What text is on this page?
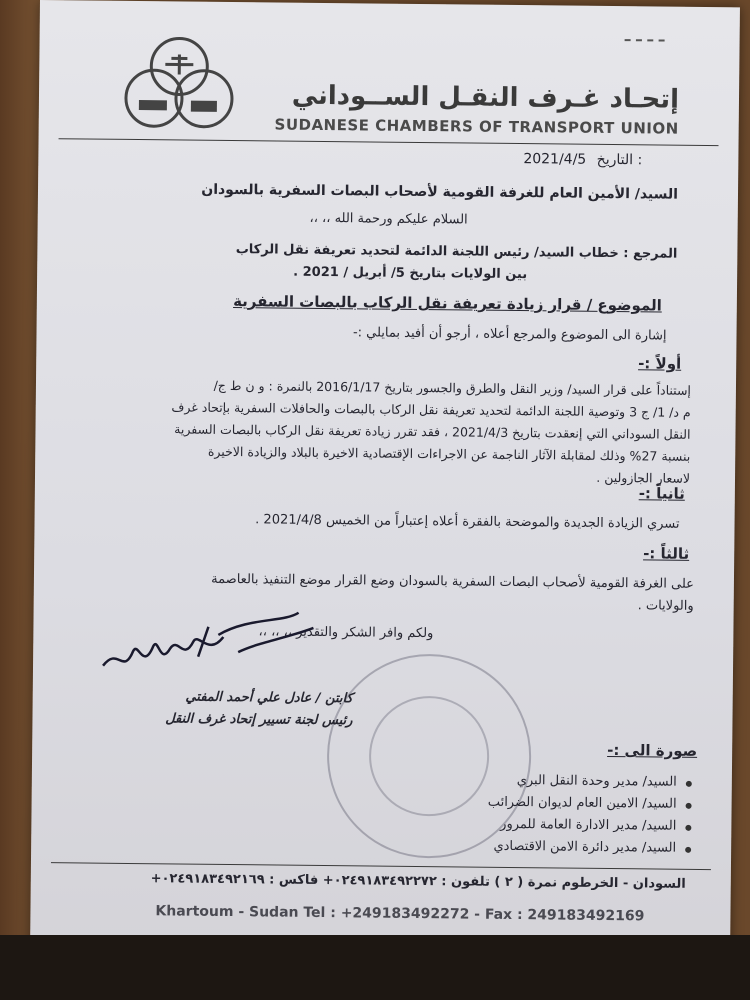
إتحـاد غـرف النقـل الســوداني
SUDANESE CHAMBERS OF TRANSPORT UNION
2021/4/5 التاريخ :
السيد/ الأمين العام للغرفة القومية لأصحاب البصات السفرية بالسودان
السلام عليكم ورحمة الله ،، ،،
المرجع : خطاب السيد/ رئيس اللجنة الدائمة لتحديد تعريفة نقل الركاب
بين الولايات بتاريخ 5/ أبريل / 2021 .
الموضوع / قرار زيادة تعريفة نقل الركاب بالبصات السفرية
إشارة الى الموضوع والمرجع أعلاه ، أرجو أن أفيد بمايلي :-
أولاً :-
إستناداً على قرار السيد/ وزير النقل والطرق والجسور بتاريخ 2016/1/17 بالنمرة : و ن ط ج/
م د/ 1/ ج 3 وتوصية اللجنة الدائمة لتحديد تعريفة نقل الركاب بالبصات والحافلات السفرية بإتحاد غرف
النقل السوداني التي إنعقدت بتاريخ 2021/4/3 ، فقد تقرر زيادة تعريفة نقل الركاب بالبصات السفرية
بنسبة 27% وذلك لمقابلة الآثار الناجمة عن الاجراءات الإقتصادية الاخيرة بالبلاد والزيادة الاخيرة
لاسعار الجازولين .
ثانياً :-
تسري الزيادة الجديدة والموضحة بالفقرة أعلاه إعتباراً من الخميس 2021/4/8 .
ثالثاً :-
على الغرفة القومية لأصحاب البصات السفرية بالسودان وضع القرار موضع التنفيذ بالعاصمة
والولايات .
ولكم وافر الشكر والتقدير ،، ،، ،،
كابتن / عادل علي أحمد المفتي
رئيس لجنة تسيير إتحاد غرف النقل
صورة الى :-
السيد/ مدير وحدة النقل البري
السيد/ الامين العام لديوان الضرائب
السيد/ مدير الادارة العامة للمرور
السيد/ مدير دائرة الامن الاقتصادي
السودان - الخرطوم نمرة ( ٢ ) تلفون : ٠٢٤٩١٨٣٤٩٢٢٧٢+ فاكس : ٠٢٤٩١٨٣٤٩٢١٦٩+
Khartoum - Sudan Tel : +249183492272 - Fax : 249183492169
